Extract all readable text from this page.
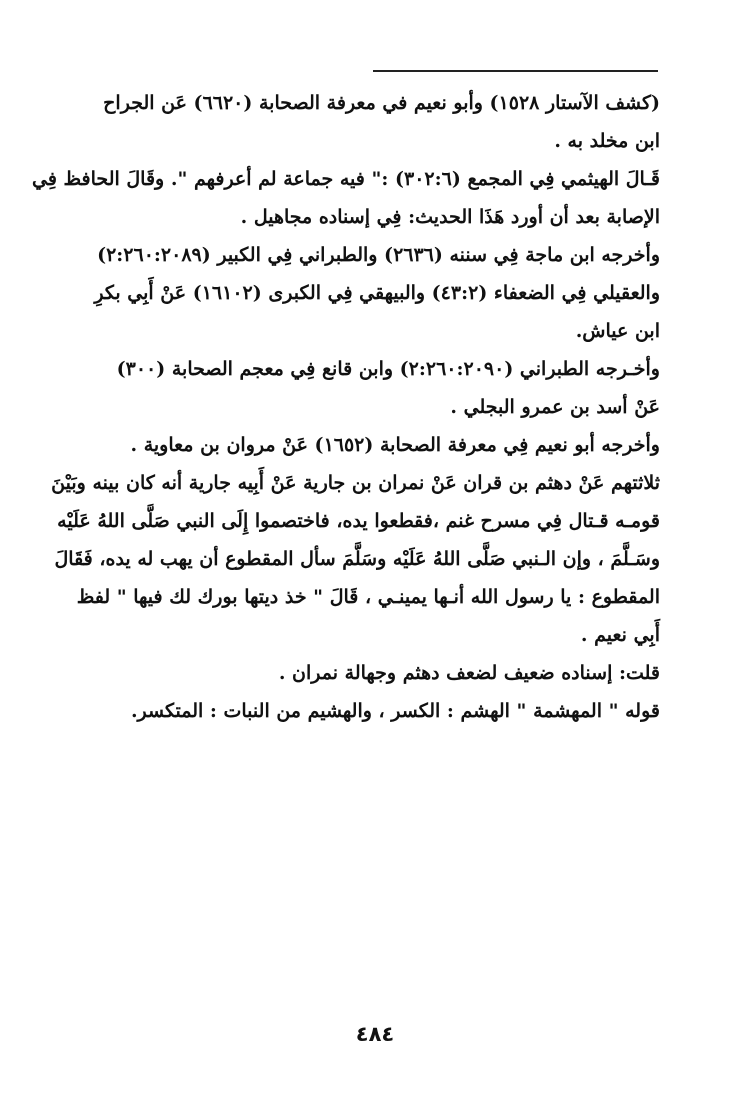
(كشف الآستار ١٥٢٨) وأبو نعيم في معرفة الصحابة (٦٦٢٠) عَن الجراح
ابن مخلد به .
قَـالَ الهيثمي فِي المجمع (٣٠٢:٦) :" فيه جماعة لم أعرفهم ". وقَالَ الحافظ فِي
الإصابة بعد أن أورد هَذَا الحديث: فِي إسناده مجاهيل .
وأخرجه ابن ماجة فِي سننه (٢٦٣٦) والطبراني فِي الكبير (٢:٢٦٠:٢٠٨٩)
والعقيلي فِي الضعفاء (٤٣:٢) والبيهقي فِي الكبرى (١٦١٠٢) عَنْ أَبِي بكرِ
ابن عياش.
وأخـرجه الطبراني (٢:٢٦٠:٢٠٩٠) وابن قانع فِي معجم الصحابة (٣٠٠)
عَنْ أسد بن عمرو البجلي .
وأخرجه أبو نعيم فِي معرفة الصحابة (١٦٥٢) عَنْ مروان بن معاوية .
ثلاثتهم عَنْ دهثم بن قران عَنْ نمران بن جارية عَنْ أَبِيه جارية أنه كان بينه وبَيْنَ
قومـه قـتال فِي مسرح غنم ،فقطعوا يده، فاختصموا إِلَى النبي صَلَّى اللهُ عَلَيْه
وسَـلَّمَ ، وإن الـنبي صَلَّى اللهُ عَلَيْه وسَلَّمَ سأل المقطوع أن يهب له يده، فَقَالَ
المقطوع : يا رسول الله أنـها يمينـي ، قَالَ " خذ ديتها بورك لك فيها " لفظ
أَبِي نعيم .
قلت: إسناده ضعيف لضعف دهثم وجهالة نمران .
قوله " المهشمة " الهشم : الكسر ، والهشيم من النبات : المتكسر.
٤٨٤
